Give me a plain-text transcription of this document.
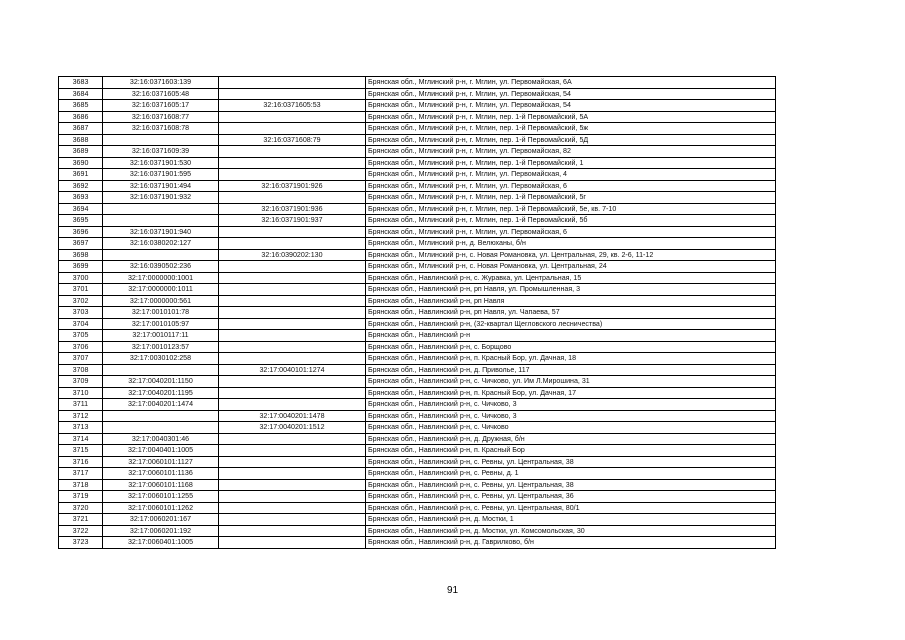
3683	32:16:0371603:139		Брянская обл., Мглинский р-н, г. Мглин, ул. Первомайская, 6А
3684	32:16:0371605:48		Брянская обл., Мглинский р-н, г. Мглин, ул. Первомайская, 54
3685	32:16:0371605:17	32:16:0371605:53	Брянская обл., Мглинский р-н, г. Мглин, ул. Первомайская, 54
3686	32:16:0371608:77		Брянская обл., Мглинский р-н, г. Мглин, пер. 1-й Первомайский, 5А
3687	32:16:0371608:78		Брянская обл., Мглинский р-н, г. Мглин, пер. 1-й Первомайский, 5ж
3688		32:16:0371608:79	Брянская обл., Мглинский р-н, г. Мглин, пер. 1-й Первомайский, 5Д
3689	32:16:0371609:39		Брянская обл., Мглинский р-н, г. Мглин, ул. Первомайская, 82
3690	32:16:0371901:530		Брянская обл., Мглинский р-н, г. Мглин, пер. 1-й Первомайский, 1
3691	32:16:0371901:595		Брянская обл., Мглинский р-н, г. Мглин, ул. Первомайская, 4
3692	32:16:0371901:494	32:16:0371901:926	Брянская обл., Мглинский р-н, г. Мглин, ул. Первомайская, 6
3693	32:16:0371901:932		Брянская обл., Мглинский р-н, г. Мглин, пер. 1-й Первомайский, 5г
3694		32:16:0371901:936	Брянская обл., Мглинский р-н, г. Мглин, пер. 1-й Первомайский, 5е, кв. 7-10
3695		32:16:0371901:937	Брянская обл., Мглинский р-н, г. Мглин, пер. 1-й Первомайский, 5б
3696	32:16:0371901:940		Брянская обл., Мглинский р-н, г. Мглин, ул. Первомайская, 6
3697	32:16:0380202:127		Брянская обл., Мглинский р-н, д. Велюханы, б/н
3698		32:16:0390202:130	Брянская обл., Мглинский р-н, с. Новая Романовка, ул. Центральная, 29, кв. 2-6, 11-12
3699	32:16:0390502:236		Брянская обл., Мглинский р-н, с. Новая Романовка, ул. Центральная, 24
3700	32:17:0000000:1001		Брянская обл., Навлинский р-н, с. Журавка, ул. Центральная, 15
3701	32:17:0000000:1011		Брянская обл., Навлинский р-н, рп Навля, ул. Промышленная, 3
3702	32:17:0000000:561		Брянская обл., Навлинский р-н, рп Навля
3703	32:17:0010101:78		Брянская обл., Навлинский р-н, рп Навля, ул. Чапаева, 57
3704	32:17:0010105:97		Брянская обл., Навлинский р-н, (32-квартал Щегловского лесничества)
3705	32:17:0010117:11		Брянская обл., Навлинский р-н
3706	32:17:0010123:57		Брянская обл., Навлинский р-н, с. Борщово
3707	32:17:0030102:258		Брянская обл., Навлинский р-н, п. Красный Бор, ул. Дачная, 18
3708		32:17:0040101:1274	Брянская обл., Навлинский р-н, д. Приволье, 117
3709	32:17:0040201:1150		Брянская обл., Навлинский р-н, с. Чичково, ул. Им Л.Мирошина, 31
3710	32:17:0040201:1195		Брянская обл., Навлинский р-н, п. Красный Бор, ул. Дачная, 17
3711	32:17:0040201:1474		Брянская обл., Навлинский р-н, с. Чичково, 3
3712		32:17:0040201:1478	Брянская обл., Навлинский р-н, с. Чичково, 3
3713		32:17:0040201:1512	Брянская обл., Навлинский р-н, с. Чичково
3714	32:17:0040301:46		Брянская обл., Навлинский р-н, д. Дружная, б/н
3715	32:17:0040401:1005		Брянская обл., Навлинский р-н, п. Красный Бор
3716	32:17:0060101:1127		Брянская обл., Навлинский р-н, с. Ревны, ул. Центральная, 38
3717	32:17:0060101:1136		Брянская обл., Навлинский р-н, с. Ревны, д. 1
3718	32:17:0060101:1168		Брянская обл., Навлинский р-н, с. Ревны, ул. Центральная, 38
3719	32:17:0060101:1255		Брянская обл., Навлинский р-н, с. Ревны, ул. Центральная, 36
3720	32:17:0060101:1262		Брянская обл., Навлинский р-н, с. Ревны, ул. Центральная, 80/1
3721	32:17:0060201:167		Брянская обл., Навлинский р-н, д. Мостки, 1
3722	32:17:0060201:192		Брянская обл., Навлинский р-н, д. Мостки, ул. Комсомольская, 30
3723	32:17:0060401:1005		Брянская обл., Навлинский р-н, д. Гаврилково, б/н
91
